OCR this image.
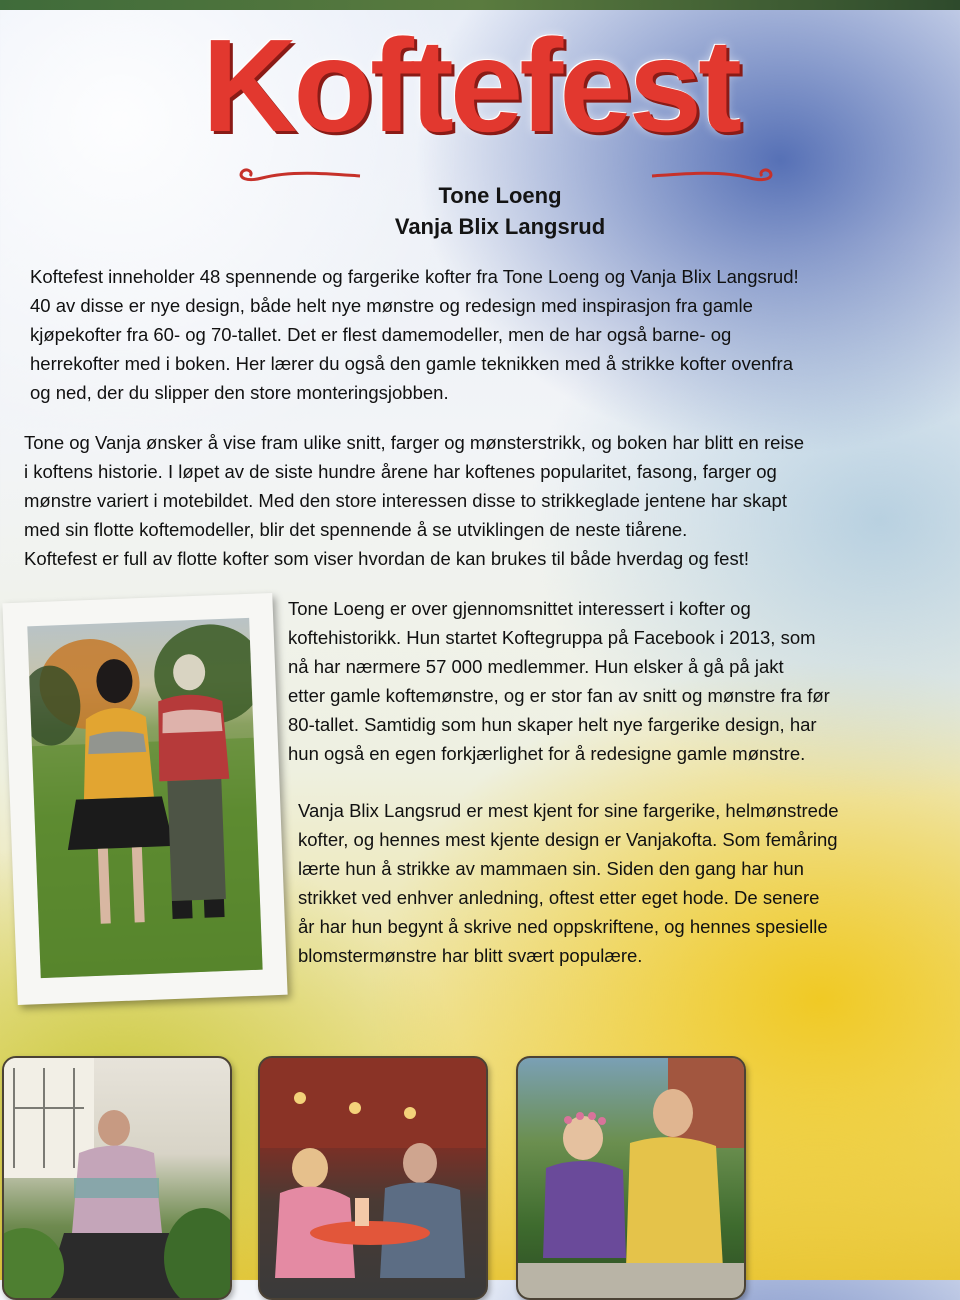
Koftefest
Tone Loeng
Vanja Blix Langsrud
Koftefest inneholder 48 spennende og fargerike kofter fra Tone Loeng og Vanja Blix Langsrud!
40 av disse er nye design, både helt nye mønstre og redesign med inspirasjon fra gamle
kjøpekofter fra 60- og 70-tallet. Det er flest damemodeller, men de har også barne- og
herrekofter med i boken. Her lærer du også den gamle teknikken med å strikke kofter ovenfra
og ned, der du slipper den store monteringsjobben.
Tone og Vanja ønsker å vise fram ulike snitt, farger og mønsterstrikk, og boken har blitt en reise
i koftens historie. I løpet av de siste hundre årene har koftenes popularitet, fasong, farger og
mønstre variert i motebildet. Med den store interessen disse to strikkeglade jentene har skapt
med sin flotte koftemodeller, blir det spennende å se utviklingen de neste tiårene.
Koftefest er full av flotte kofter som viser hvordan de kan brukes til både hverdag og fest!
Tone Loeng er over gjennomsnittet interessert i kofter og
koftehistorikk. Hun startet Koftegruppa på Facebook i 2013, som
nå har nærmere 57 000 medlemmer. Hun elsker å gå på jakt
etter gamle koftemønstre, og er stor fan av snitt og mønstre fra før
80-tallet. Samtidig som hun skaper helt nye fargerike design, har
hun også en egen forkjærlighet for å redesigne gamle mønstre.
Vanja Blix Langsrud er mest kjent for sine fargerike, helmønstrede
kofter, og hennes mest kjente design er Vanjakofta. Som femåring
lærte hun å strikke av mammaen sin. Siden den gang har hun
strikket ved enhver anledning, oftest etter eget hode. De senere
år har hun begynt å skrive ned oppskriftene, og hennes spesielle
blomstermønstre har blitt svært populære.
